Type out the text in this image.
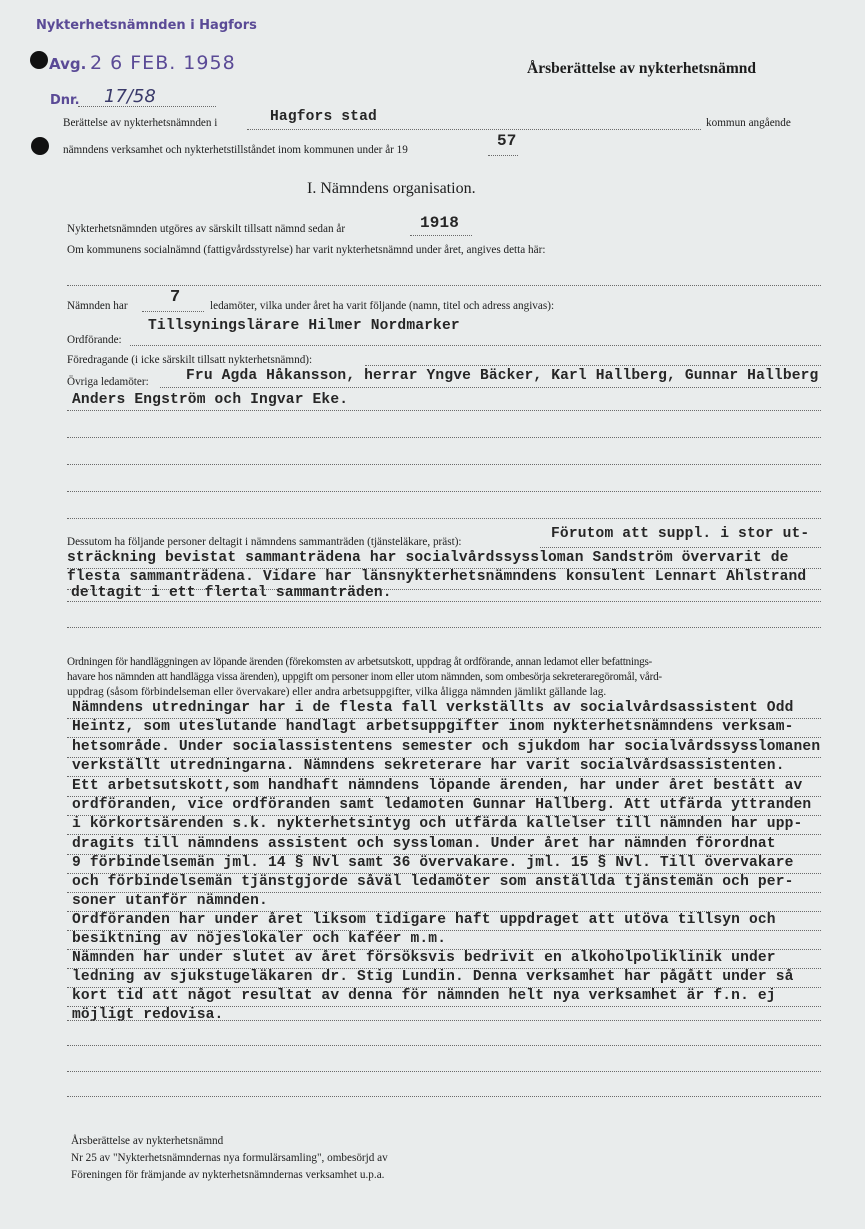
Nykterhetsnämnden i Hagfors
Avg. 2 6 FEB. 1958
Dnr. 17/58
Årsberättelse av nykterhetsnämnd
Berättelse av nykterhetsnämnden i	Hagfors stad	kommun angående
nämndens verksamhet och nykterhetstillståndet inom kommunen under år 19	57
I. Nämndens organisation.
Nykterhetsnämnden utgöres av särskilt tillsatt nämnd sedan år	1918
Om kommunens socialnämnd (fattigvårdsstyrelse) har varit nykterhetsnämnd under året, angives detta här:
Nämnden har 7	ledamöter, vilka under året ha varit följande (namn, titel och adress angivas):
Ordförande:
Tillsyningslärare Hilmer Nordmarker
Föredragande (i icke särskilt tillsatt nykterhetsnämnd):
Fru Agda Håkansson, herrar Yngve Bäcker, Karl Hallberg, Gunnar Hallberg
Övriga ledamöter:
Anders Engström och Ingvar Eke.
Dessutom ha följande personer deltagit i nämndens sammanträden (tjänsteläkare, präst):	Förutom att suppl. i stor ut-
sträckning bevistat sammanträdena har socialvårdssyssloman Sandström övervarit de
flesta sammanträdena. Vidare har länsnykterhetsnämndens konsulent Lennart Ahlstrand
deltagit i ett flertal sammanträden.
Ordningen för handläggningen av löpande ärenden (förekomsten av arbetsutskott, uppdrag åt ordförande, annan ledamot eller befattnings-
havare hos nämnden att handlägga vissa ärenden), uppgift om personer inom eller utom nämnden, som ombesörja sekreteraregöromål, vård-
uppdrag (såsom förbindelseman eller övervakare) eller andra arbetsuppgifter, vilka åligga nämnden jämlikt gällande lag.
Nämndens utredningar har i de flesta fall verkställts av socialvårdsassistent Odd
Heintz, som uteslutande handlagt arbetsuppgifter inom nykterhetsnämndens verksam-
hetsområde. Under socialassistentens semester och sjukdom har socialvårdssysslomanen
verkställt utredningarna. Nämndens sekreterare har varit socialvårdsassistenten.
Ett arbetsutskott,som handhaft nämndens löpande ärenden, har under året bestått av
ordföranden, vice ordföranden samt ledamoten Gunnar Hallberg. Att utfärda yttranden
i körkortsärenden s.k. nykterhetsintyg och utfärda kallelser till nämnden har upp-
dragits till nämndens assistent och syssloman. Under året har nämnden förordnat
9 förbindelsemän jml. 14 § Nvl samt 36 övervakare. jml. 15 § Nvl. Till övervakare
och förbindelsemän tjänstgjorde såväl ledamöter som anställda tjänstemän och per-
soner utanför nämnden.
Ordföranden har under året liksom tidigare haft uppdraget att utöva tillsyn och
besiktning av nöjeslokaler och kaféer m.m.
Nämnden har under slutet av året försöksvis bedrivit en alkoholpoliklinik under
ledning av sjukstugeläkaren dr. Stig Lundin. Denna verksamhet har pågått under så
kort tid att något resultat av denna för nämnden helt nya verksamhet är f.n. ej
möjligt redovisa.
Årsberättelse av nykterhetsnämnd
Nr 25 av "Nykterhetsnämndernas nya formulärsamling", ombesörjd av
Föreningen för främjande av nykterhetsnämndernas verksamhet u.p.a.
